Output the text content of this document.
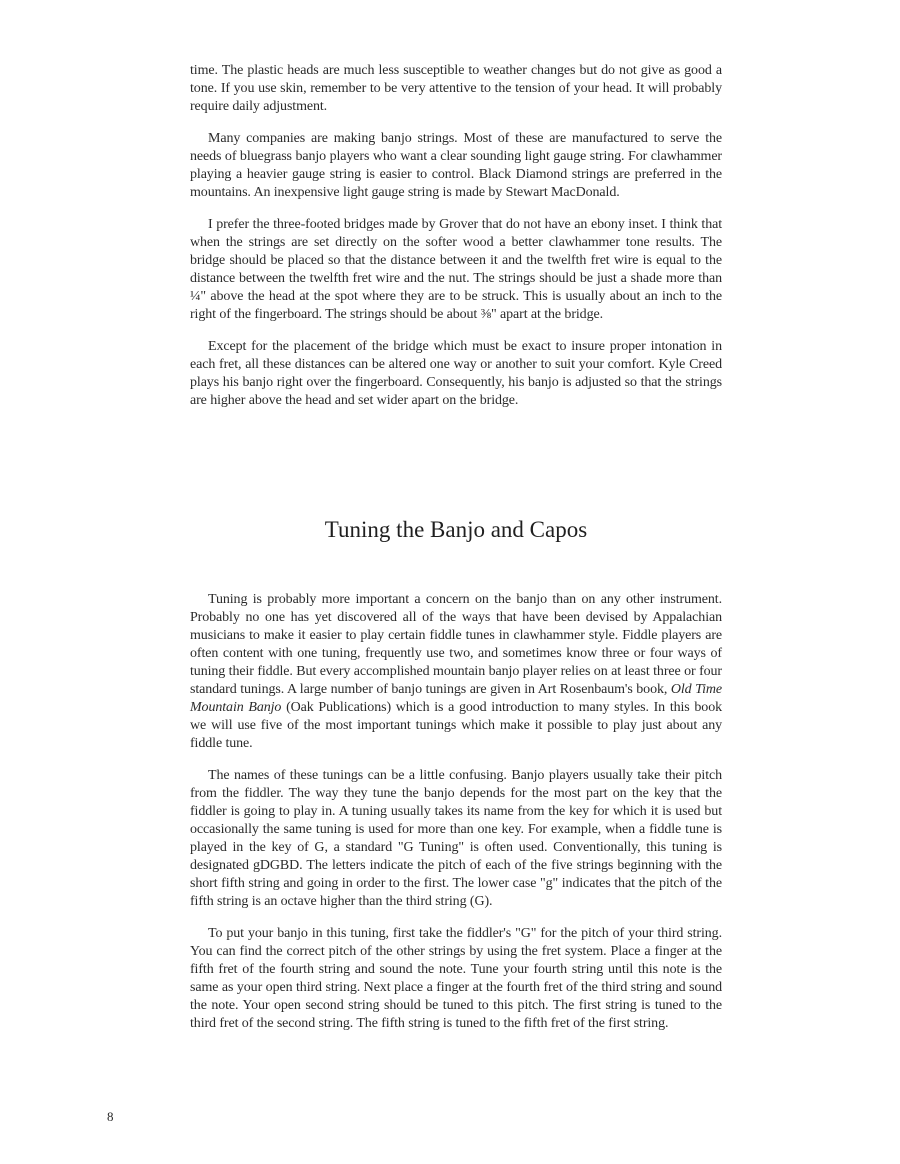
time. The plastic heads are much less susceptible to weather changes but do not give as good a tone. If you use skin, remember to be very attentive to the tension of your head. It will probably require daily adjustment.

Many companies are making banjo strings. Most of these are manufactured to serve the needs of bluegrass banjo players who want a clear sounding light gauge string. For clawhammer playing a heavier gauge string is easier to control. Black Diamond strings are preferred in the mountains. An inexpensive light gauge string is made by Stewart MacDonald.

I prefer the three-footed bridges made by Grover that do not have an ebony inset. I think that when the strings are set directly on the softer wood a better clawhammer tone results. The bridge should be placed so that the distance between it and the twelfth fret wire is equal to the distance between the twelfth fret wire and the nut. The strings should be just a shade more than ¼" above the head at the spot where they are to be struck. This is usually about an inch to the right of the fingerboard. The strings should be about ⅜" apart at the bridge.

Except for the placement of the bridge which must be exact to insure proper intonation in each fret, all these distances can be altered one way or another to suit your comfort. Kyle Creed plays his banjo right over the fingerboard. Consequently, his banjo is adjusted so that the strings are higher above the head and set wider apart on the bridge.

Tuning the Banjo and Capos

Tuning is probably more important a concern on the banjo than on any other instrument. Probably no one has yet discovered all of the ways that have been devised by Appalachian musicians to make it easier to play certain fiddle tunes in clawhammer style. Fiddle players are often content with one tuning, frequently use two, and sometimes know three or four ways of tuning their fiddle. But every accomplished mountain banjo player relies on at least three or four standard tunings. A large number of banjo tunings are given in Art Rosenbaum's book, Old Time Mountain Banjo (Oak Publications) which is a good introduction to many styles. In this book we will use five of the most important tunings which make it possible to play just about any fiddle tune.

The names of these tunings can be a little confusing. Banjo players usually take their pitch from the fiddler. The way they tune the banjo depends for the most part on the key that the fiddler is going to play in. A tuning usually takes its name from the key for which it is used but occasionally the same tuning is used for more than one key. For example, when a fiddle tune is played in the key of G, a standard "G Tuning" is often used. Conventionally, this tuning is designated gDGBD. The letters indicate the pitch of each of the five strings beginning with the short fifth string and going in order to the first. The lower case "g" indicates that the pitch of the fifth string is an octave higher than the third string (G).

To put your banjo in this tuning, first take the fiddler's "G" for the pitch of your third string. You can find the correct pitch of the other strings by using the fret system. Place a finger at the fifth fret of the fourth string and sound the note. Tune your fourth string until this note is the same as your open third string. Next place a finger at the fourth fret of the third string and sound the note. Your open second string should be tuned to this pitch. The first string is tuned to the third fret of the second string. The fifth string is tuned to the fifth fret of the first string.

8
